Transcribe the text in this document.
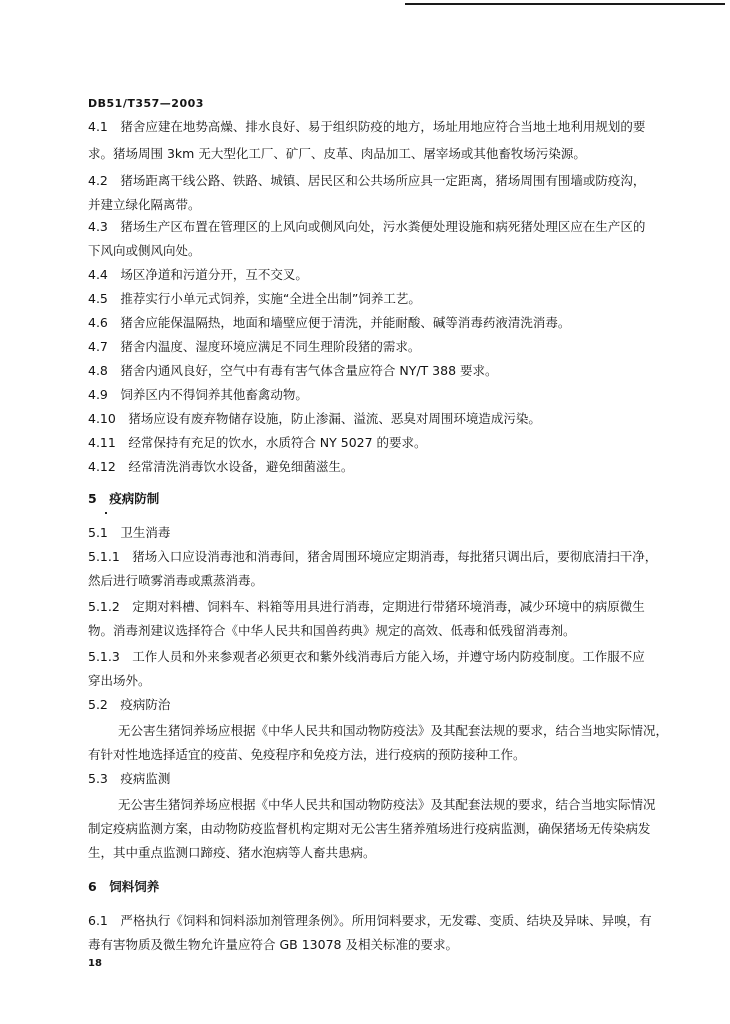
DB51/T357—2003
4.1　猪舍应建在地势高燥、排水良好、易于组织防疫的地方，场址用地应符合当地土地利用规划的要
求。猪场周围 3km 无大型化工厂、矿厂、皮革、肉品加工、屠宰场或其他畜牧场污染源。
4.2　猪场距离干线公路、铁路、城镇、居民区和公共场所应具一定距离，猪场周围有围墙或防疫沟，
并建立绿化隔离带。
4.3　猪场生产区布置在管理区的上风向或侧风向处，污水粪便处理设施和病死猪处理区应在生产区的
下风向或侧风向处。
4.4　场区净道和污道分开，互不交叉。
4.5　推荐实行小单元式饲养，实施“全进全出制”饲养工艺。
4.6　猪舍应能保温隔热，地面和墙壁应便于清洗，并能耐酸、碱等消毒药液清洗消毒。
4.7　猪舍内温度、湿度环境应满足不同生理阶段猪的需求。
4.8　猪舍内通风良好，空气中有毒有害气体含量应符合 NY/T 388 要求。
4.9　饲养区内不得饲养其他畜禽动物。
4.10　猪场应设有废弃物储存设施，防止渗漏、溢流、恶臭对周围环境造成污染。
4.11　经常保持有充足的饮水，水质符合 NY 5027 的要求。
4.12　经常清洗消毒饮水设备，避免细菌滋生。
5　疫病防制
5.1　卫生消毒
5.1.1　猪场入口应设消毒池和消毒间，猪舍周围环境应定期消毒，每批猪只调出后，要彻底清扫干净，
然后进行喷雾消毒或熏蒸消毒。
5.1.2　定期对料槽、饲料车、料箱等用具进行消毒，定期进行带猪环境消毒，减少环境中的病原微生
物。消毒剂建议选择符合《中华人民共和国兽药典》规定的高效、低毒和低残留消毒剂。
5.1.3　工作人员和外来参观者必须更衣和紫外线消毒后方能入场，并遵守场内防疫制度。工作服不应
穿出场外。
5.2　疫病防治
无公害生猪饲养场应根据《中华人民共和国动物防疫法》及其配套法规的要求，结合当地实际情况，
有针对性地选择适宜的疫苗、免疫程序和免疫方法，进行疫病的预防接种工作。
5.3　疫病监测
无公害生猪饲养场应根据《中华人民共和国动物防疫法》及其配套法规的要求，结合当地实际情况
制定疫病监测方案，由动物防疫监督机构定期对无公害生猪养殖场进行疫病监测，确保猪场无传染病发
生，其中重点监测口蹄疫、猪水泡病等人畜共患病。
6　饲料饲养
6.1　严格执行《饲料和饲料添加剂管理条例》。所用饲料要求，无发霉、变质、结块及异味、异嗅，有
毒有害物质及微生物允许量应符合 GB 13078 及相关标准的要求。
18
